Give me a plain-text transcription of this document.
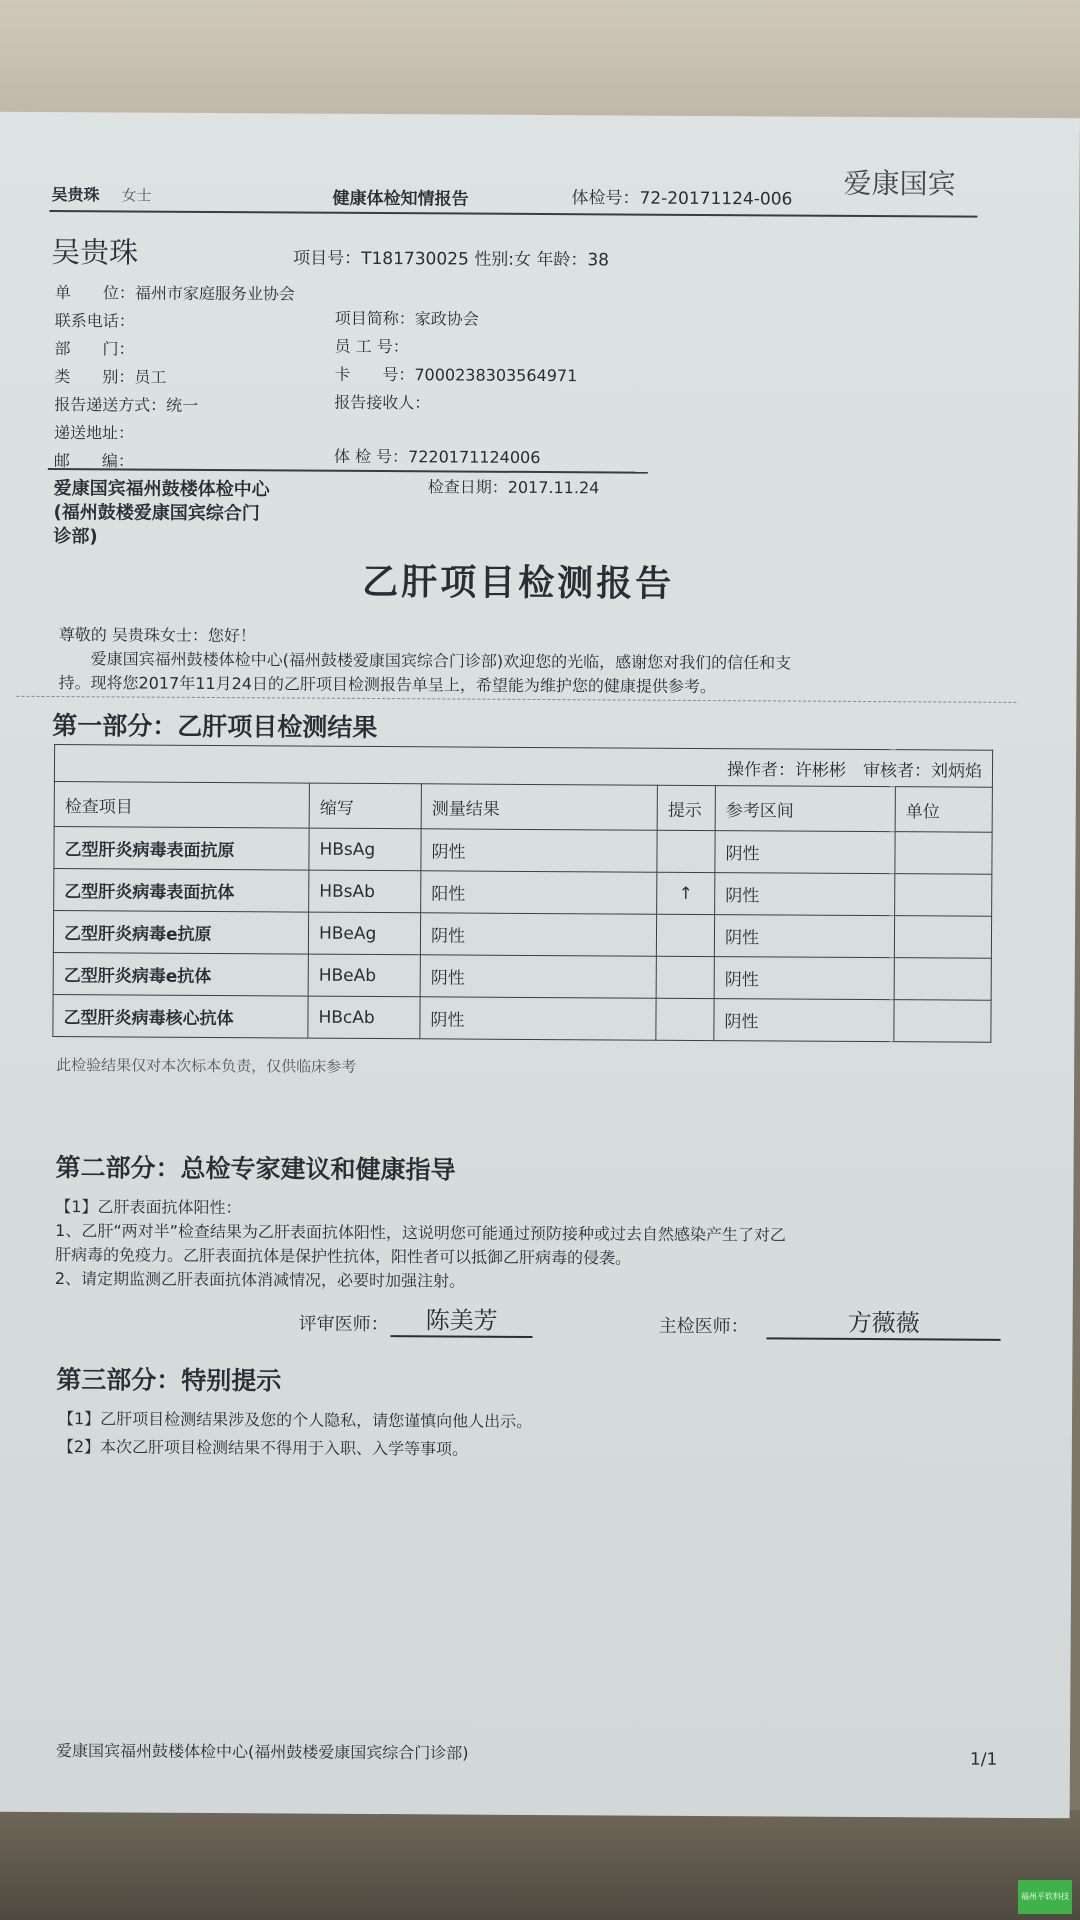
吴贵珠 女士	健康体检知情报告	体检号：72-20171124-006 爱康国宾
吴贵珠	项目号：T181730025 性别:女 年龄：38
单　　位：福州市家庭服务业协会
联系电话：
部　　门：
类　　别：员工
报告递送方式：统一
递送地址：
邮　　编：
项目简称：家政协会
员 工 号：
卡　　号：7000238303564971
报告接收人：
体 检 号：7220171124006
爱康国宾福州鼓楼体检中心
(福州鼓楼爱康国宾综合门
诊部)
检查日期：2017.11.24
乙肝项目检测报告
尊敬的 吴贵珠女士：您好！
爱康国宾福州鼓楼体检中心(福州鼓楼爱康国宾综合门诊部)欢迎您的光临，感谢您对我们的信任和支
持。现将您2017年11月24日的乙肝项目检测报告单呈上，希望能为维护您的健康提供参考。
第一部分：乙肝项目检测结果
操作者：许彬彬　审核者：刘炳焰					
检查项目	缩写	测量结果	提示	参考区间	单位
乙型肝炎病毒表面抗原	HBsAg	阴性		阴性	
乙型肝炎病毒表面抗体	HBsAb	阳性	↑	阴性	
乙型肝炎病毒e抗原	HBeAg	阴性		阴性	
乙型肝炎病毒e抗体	HBeAb	阴性		阴性	
乙型肝炎病毒核心抗体	HBcAb	阴性		阴性	
此检验结果仅对本次标本负责，仅供临床参考
第二部分：总检专家建议和健康指导
【1】乙肝表面抗体阳性：
1、乙肝“两对半”检查结果为乙肝表面抗体阳性，这说明您可能通过预防接种或过去自然感染产生了对乙
肝病毒的免疫力。乙肝表面抗体是保护性抗体，阳性者可以抵御乙肝病毒的侵袭。
2、请定期监测乙肝表面抗体消减情况，必要时加强注射。
评审医师：	陈美芳	主检医师：	方薇薇
第三部分：特别提示
【1】乙肝项目检测结果涉及您的个人隐私，请您谨慎向他人出示。
【2】本次乙肝项目检测结果不得用于入职、入学等事项。
爱康国宾福州鼓楼体检中心(福州鼓楼爱康国宾综合门诊部)	1/1
福州平软科技
